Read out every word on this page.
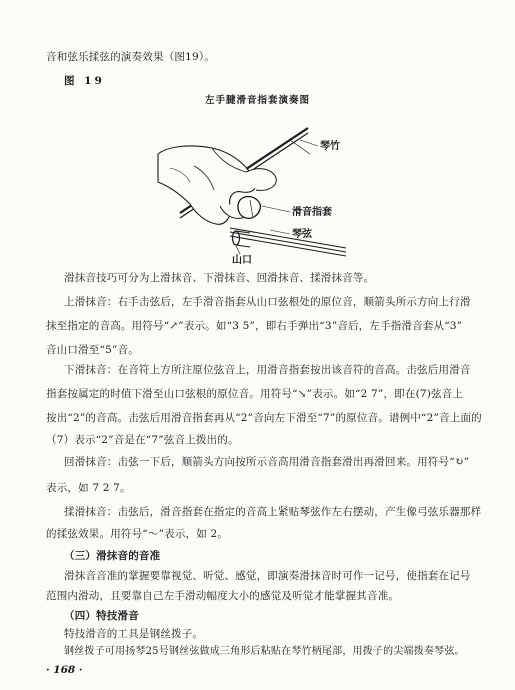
音和弦乐揉弦的演奏效果（图19）。
图 19
左手腱滑音指套演奏图
琴竹
滑音指套
琴弦
山口
滑抹音技巧可分为上滑抹音、下滑抹音、回滑抹音、揉滑抹音等。
上滑抹音：右手击弦后，左手滑音指套从山口弦根处的原位音，顺箭头所示方向上行滑
抹至指定的音高。用符号“↗”表示。如“3 5”，即右手弹出“3”音后，左手指滑音套从“3”
音山口滑至“5”音。
下滑抹音：在音符上方所注原位弦音上，用滑音指套按出该音符的音高。击弦后用滑音
指套按属定的时值下滑至山口弦根的原位音。用符号“↘”表示。如“2 7”，即在(7)弦音上
按出“2”的音高。击弦后用滑音指套再从“2”音向左下滑至“7”的原位音。谱例中“2”音上面的
（7）表示“2”音是在“7”弦音上拨出的。
回滑抹音：击弦一下后，顺箭头方向按所示音高用滑音指套滑出再滑回来。用符号“↻”
表示，如 7 2 7。
揉滑抹音：击弦后，滑音指套在指定的音高上紧贴琴弦作左右摆动，产生像弓弦乐器那样
的揉弦效果。用符号“～”表示，如 2。
（三）滑抹音的音准
滑抹音音准的掌握要靠视觉、听觉、感觉，即演奏滑抹音时可作一记号，使指套在记号
范围内滑动，且要靠自己左手滑动幅度大小的感觉及听觉才能掌握其音准。
（四）特技滑音
特技滑音的工具是钢丝拨子。
钢丝拨子可用扬琴25号钢丝弦做成三角形后粘贴在琴竹柄尾部，用拨子的尖端拨奏琴弦。
· 168 ·
